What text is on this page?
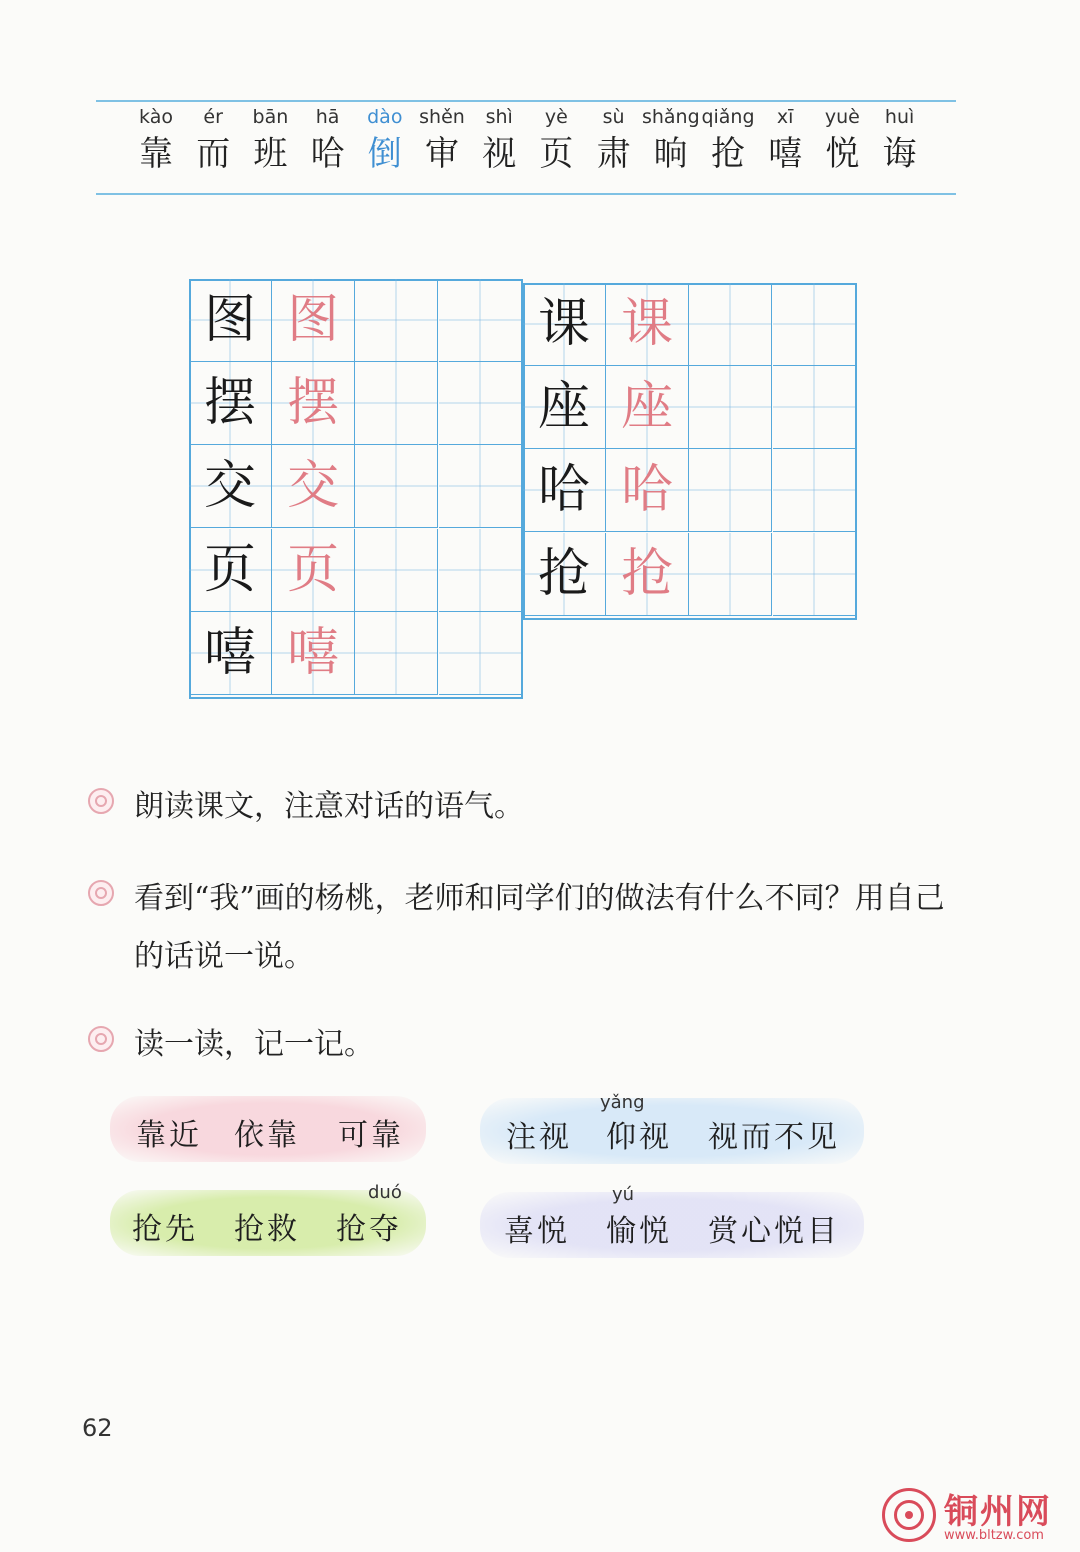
kào
靠
ér
而
bān
班
hā
哈
dào
倒
shěn
审
shì
视
yè
页
sù
肃
shǎng
晌
qiǎng
抢
xī
嘻
yuè
悦
huì
诲
图 图
摆 摆
交 交
页 页
嘻 嘻
课 课
座 座
哈 哈
抢 抢
朗读课文，注意对话的语气。
看到“我”画的杨桃，老师和同学们的做法有什么不同？用自己的话说一说。
读一读，记一记。
靠近 依靠 可靠	注视
yǎng
仰视 视而不见
抢先 抢救
duó
抢夺	喜悦
yú
愉悦 赏心悦目
62
铜州网
www.bltzw.com
